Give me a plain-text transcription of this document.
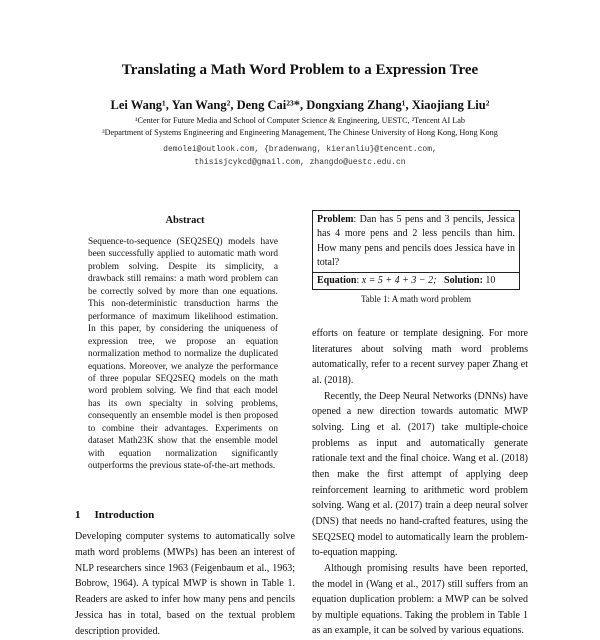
Translating a Math Word Problem to a Expression Tree
Lei Wang¹, Yan Wang², Deng Cai²³*, Dongxiang Zhang¹, Xiaojiang Liu²
¹Center for Future Media and School of Computer Science & Engineering, UESTC, ²Tencent AI Lab
³Department of Systems Engineering and Engineering Management, The Chinese University of Hong Kong, Hong Kong
demolei@outlook.com, {bradenwang, kieranliu}@tencent.com,
thisisjcykcd@gmail.com, zhangdo@uestc.edu.cn
Abstract
Sequence-to-sequence (SEQ2SEQ) models have been successfully applied to automatic math word problem solving. Despite its simplicity, a drawback still remains: a math word problem can be correctly solved by more than one equations. This non-deterministic transduction harms the performance of maximum likelihood estimation. In this paper, by considering the uniqueness of expression tree, we propose an equation normalization method to normalize the duplicated equations. Moreover, we analyze the performance of three popular SEQ2SEQ models on the math word problem solving. We find that each model has its own specialty in solving problems, consequently an ensemble model is then proposed to combine their advantages. Experiments on dataset Math23K show that the ensemble model with equation normalization significantly outperforms the previous state-of-the-art methods.
1 Introduction
Developing computer systems to automatically solve math word problems (MWPs) has been an interest of NLP researchers since 1963 (Feigenbaum et al., 1963; Bobrow, 1964). A typical MWP is shown in Table 1. Readers are asked to infer how many pens and pencils Jessica has in total, based on the textual problem description provided.
Problem: Dan has 5 pens and 3 pencils, Jessica has 4 more pens and 2 less pencils than him. How many pens and pencils does Jessica have in total?
Equation: x = 5 + 4 + 3 − 2; Solution: 10
Table 1: A math word problem

efforts on feature or template designing. For more literatures about solving math word problems automatically, refer to a recent survey paper Zhang et al. (2018).

Recently, the Deep Neural Networks (DNNs) have opened a new direction towards automatic MWP solving. Ling et al. (2017) take multiple-choice problems as input and automatically generate rationale text and the final choice. Wang et al. (2018) then make the first attempt of applying deep reinforcement learning to arithmetic word problem solving. Wang et al. (2017) train a deep neural solver (DNS) that needs no hand-crafted features, using the SEQ2SEQ model to automatically learn the problem-to-equation mapping.

Although promising results have been reported, the model in (Wang et al., 2017) still suffers from an equation duplication problem: a MWP can be solved by multiple equations. Taking the problem in Table 1 as an example, it can be solved by various equations.
